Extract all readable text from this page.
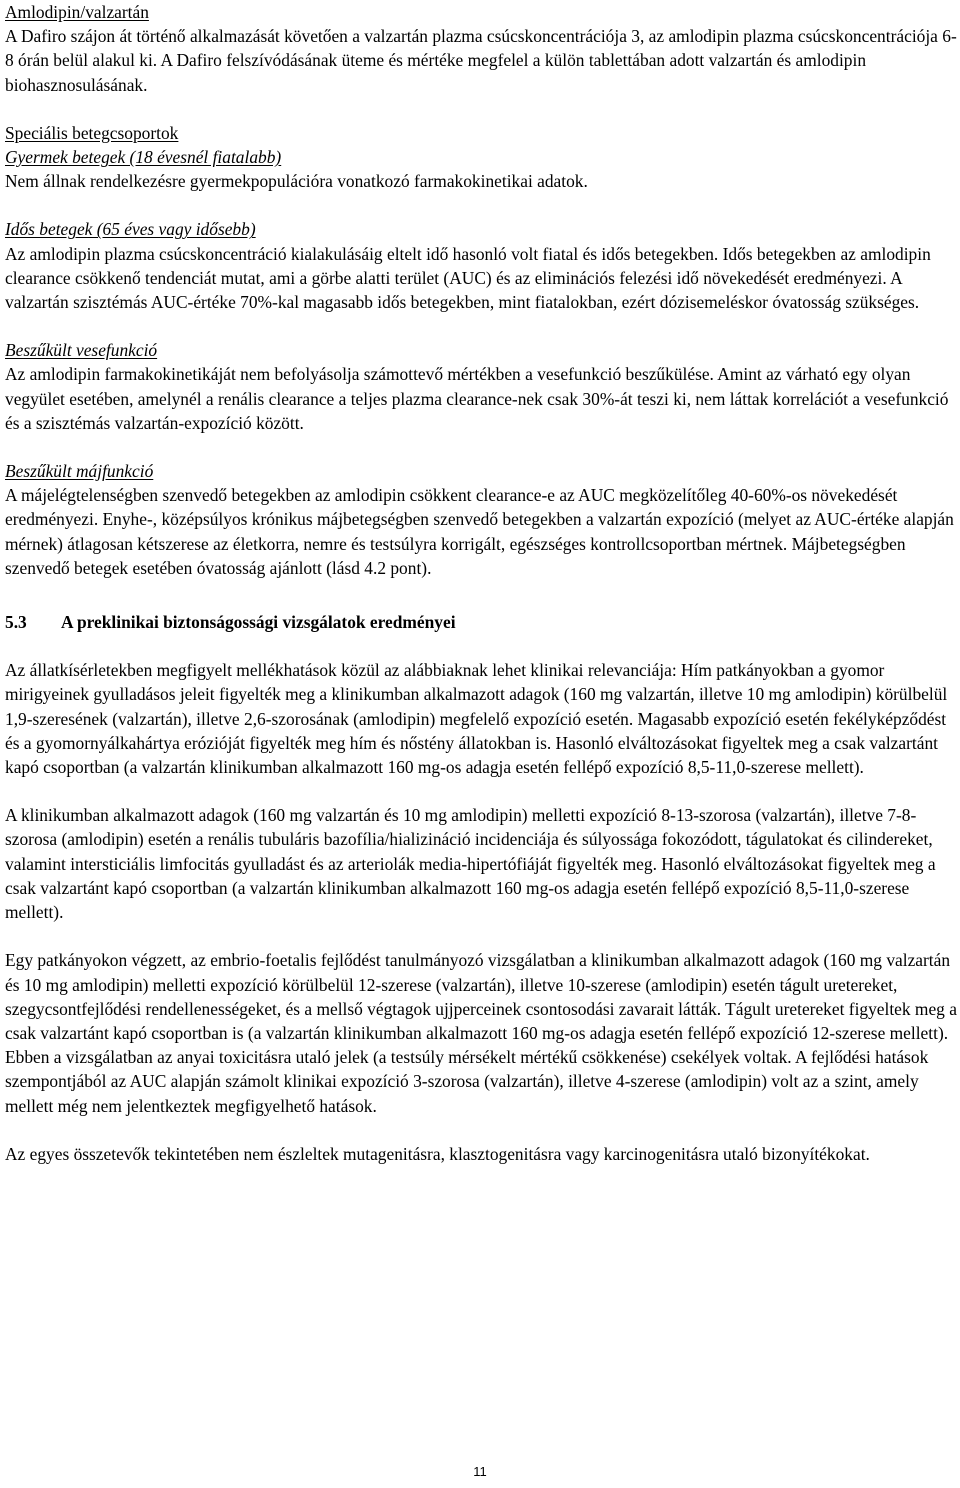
Amlodipin/valzartán

A Dafiro szájon át történő alkalmazását követően a valzartán plazma csúcskoncentrációja 3, az amlodipin plazma csúcskoncentrációja 6-8 órán belül alakul ki. A Dafiro felszívódásának üteme és mértéke megfelel a külön tablettában adott valzartán és amlodipin biohasznosulásának.

Speciális betegcsoportok

Gyermek betegek (18 évesnél fiatalabb)

Nem állnak rendelkezésre gyermekpopulációra vonatkozó farmakokinetikai adatok.

Idős betegek (65 éves vagy idősebb)

Az amlodipin plazma csúcskoncentráció kialakulásáig eltelt idő hasonló volt fiatal és idős betegekben. Idős betegekben az amlodipin clearance csökkenő tendenciát mutat, ami a görbe alatti terület (AUC) és az eliminációs felezési idő növekedését eredményezi. A valzartán szisztémás AUC-értéke 70%-kal magasabb idős betegekben, mint fiatalokban, ezért dózisemeléskor óvatosság szükséges.

Beszűkült vesefunkció

Az amlodipin farmakokinetikáját nem befolyásolja számottevő mértékben a vesefunkció beszűkülése. Amint az várható egy olyan vegyület esetében, amelynél a renális clearance a teljes plazma clearance-nek csak 30%-át teszi ki, nem láttak korrelációt a vesefunkció és a szisztémás valzartán-expozíció között.

Beszűkült májfunkció

A májelégtelenségben szenvedő betegekben az amlodipin csökkent clearance-e az AUC megközelítőleg 40-60%-os növekedését eredményezi. Enyhe-, középsúlyos krónikus májbetegségben szenvedő betegekben a valzartán expozíció (melyet az AUC-értéke alapján mérnek) átlagosan kétszerese az életkorra, nemre és testsúlyra korrigált, egészséges kontrollcsoportban mértnek. Májbetegségben szenvedő betegek esetében óvatosság ajánlott (lásd 4.2 pont).

5.3	A preklinikai biztonságossági vizsgálatok eredményei

Az állatkísérletekben megfigyelt mellékhatások közül az alábbiaknak lehet klinikai relevanciája: Hím patkányokban a gyomor mirigyeinek gyulladásos jeleit figyelték meg a klinikumban alkalmazott adagok (160 mg valzartán, illetve 10 mg amlodipin) körülbelül 1,9-szeresének (valzartán), illetve 2,6-szorosának (amlodipin) megfelelő expozíció esetén. Magasabb expozíció esetén fekélyképződést és a gyomornyálkahártya erózióját figyelték meg hím és nőstény állatokban is. Hasonló elváltozásokat figyeltek meg a csak valzartánt kapó csoportban (a valzartán klinikumban alkalmazott 160 mg-os adagja esetén fellépő expozíció 8,5-11,0-szerese mellett).

A klinikumban alkalmazott adagok (160 mg valzartán és 10 mg amlodipin) melletti expozíció 8-13-szorosa (valzartán), illetve 7-8-szorosa (amlodipin) esetén a renális tubuláris bazofília/hializináció incidenciája és súlyossága fokozódott, tágulatokat és cilindereket, valamint intersticiális limfocitás gyulladást és az arteriolák media-hipertófiáját figyelték meg. Hasonló elváltozásokat figyeltek meg a csak valzartánt kapó csoportban (a valzartán klinikumban alkalmazott 160 mg-os adagja esetén fellépő expozíció 8,5-11,0-szerese mellett).

Egy patkányokon végzett, az embrio-foetalis fejlődést tanulmányozó vizsgálatban a klinikumban alkalmazott adagok (160 mg valzartán és 10 mg amlodipin) melletti expozíció körülbelül 12-szerese (valzartán), illetve 10-szerese (amlodipin) esetén tágult uretereket, szegycsontfejlődési rendellenességeket, és a mellső végtagok ujjperceinek csontosodási zavarait látták. Tágult uretereket figyeltek meg a csak valzartánt kapó csoportban is (a valzartán klinikumban alkalmazott 160 mg-os adagja esetén fellépő expozíció 12-szerese mellett). Ebben a vizsgálatban az anyai toxicitásra utaló jelek (a testsúly mérsékelt mértékű csökkenése) csekélyek voltak. A fejlődési hatások szempontjából az AUC alapján számolt klinikai expozíció 3-szorosa (valzartán), illetve 4-szerese (amlodipin) volt az a szint, amely mellett még nem jelentkeztek megfigyelhető hatások.

Az egyes összetevők tekintetében nem észleltek mutagenitásra, klasztogenitásra vagy karcinogenitásra utaló bizonyítékokat.

11
